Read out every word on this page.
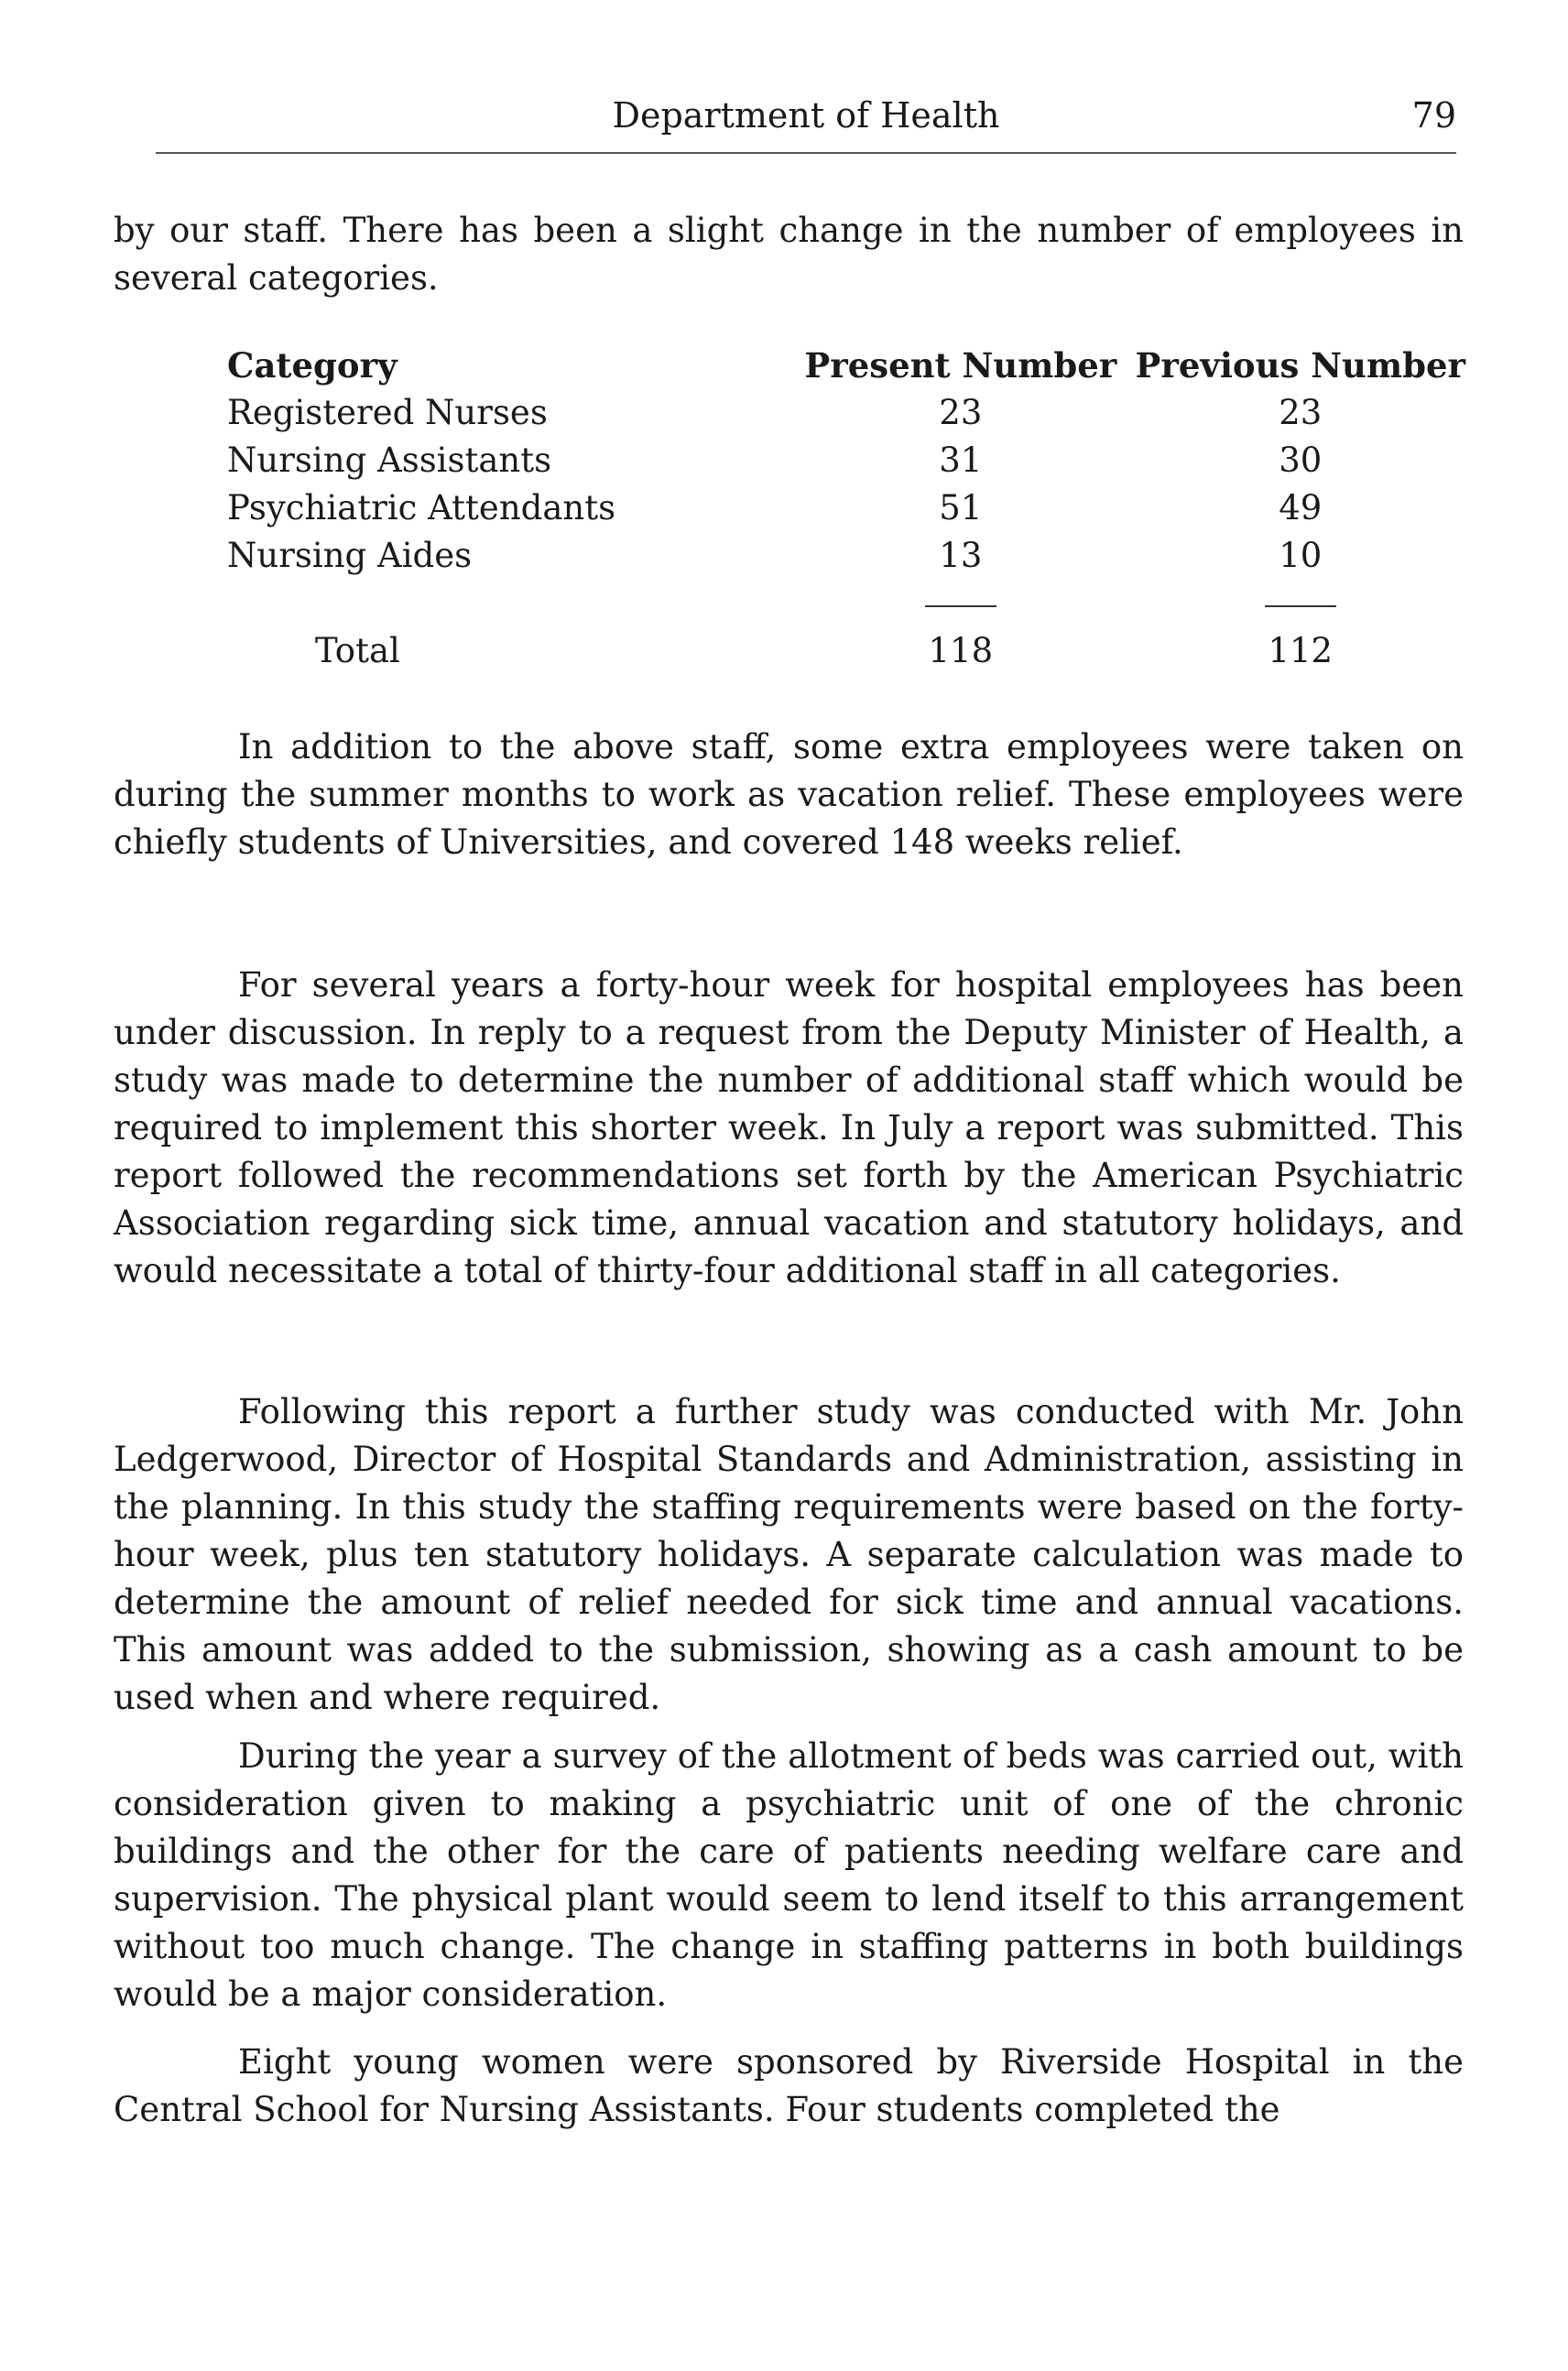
Department of Health	79

by our staff. There has been a slight change in the number of employees in several categories.

Category	Present Number	Previous Number
Registered Nurses	23	23
Nursing Assistants	31	30
Psychiatric Attendants	51	49
Nursing Aides	13	10

Total	118	112

In addition to the above staff, some extra employees were taken on during the summer months to work as vacation relief. These employees were chiefly students of Universities, and covered 148 weeks relief.

For several years a forty-hour week for hospital employees has been under discussion. In reply to a request from the Deputy Minister of Health, a study was made to determine the number of additional staff which would be required to implement this shorter week. In July a report was submitted. This report followed the recommendations set forth by the American Psychiatric Association regarding sick time, annual vacation and statutory holidays, and would necessitate a total of thirty-four additional staff in all categories.

Following this report a further study was conducted with Mr. John Ledgerwood, Director of Hospital Standards and Administration, assisting in the planning. In this study the staffing requirements were based on the forty-hour week, plus ten statutory holidays. A separate calculation was made to determine the amount of relief needed for sick time and annual vacations. This amount was added to the submission, showing as a cash amount to be used when and where required.

During the year a survey of the allotment of beds was carried out, with consideration given to making a psychiatric unit of one of the chronic buildings and the other for the care of patients needing welfare care and supervision. The physical plant would seem to lend itself to this arrangement without too much change. The change in staffing patterns in both buildings would be a major consideration.

Eight young women were sponsored by Riverside Hospital in the Central School for Nursing Assistants. Four students completed the
